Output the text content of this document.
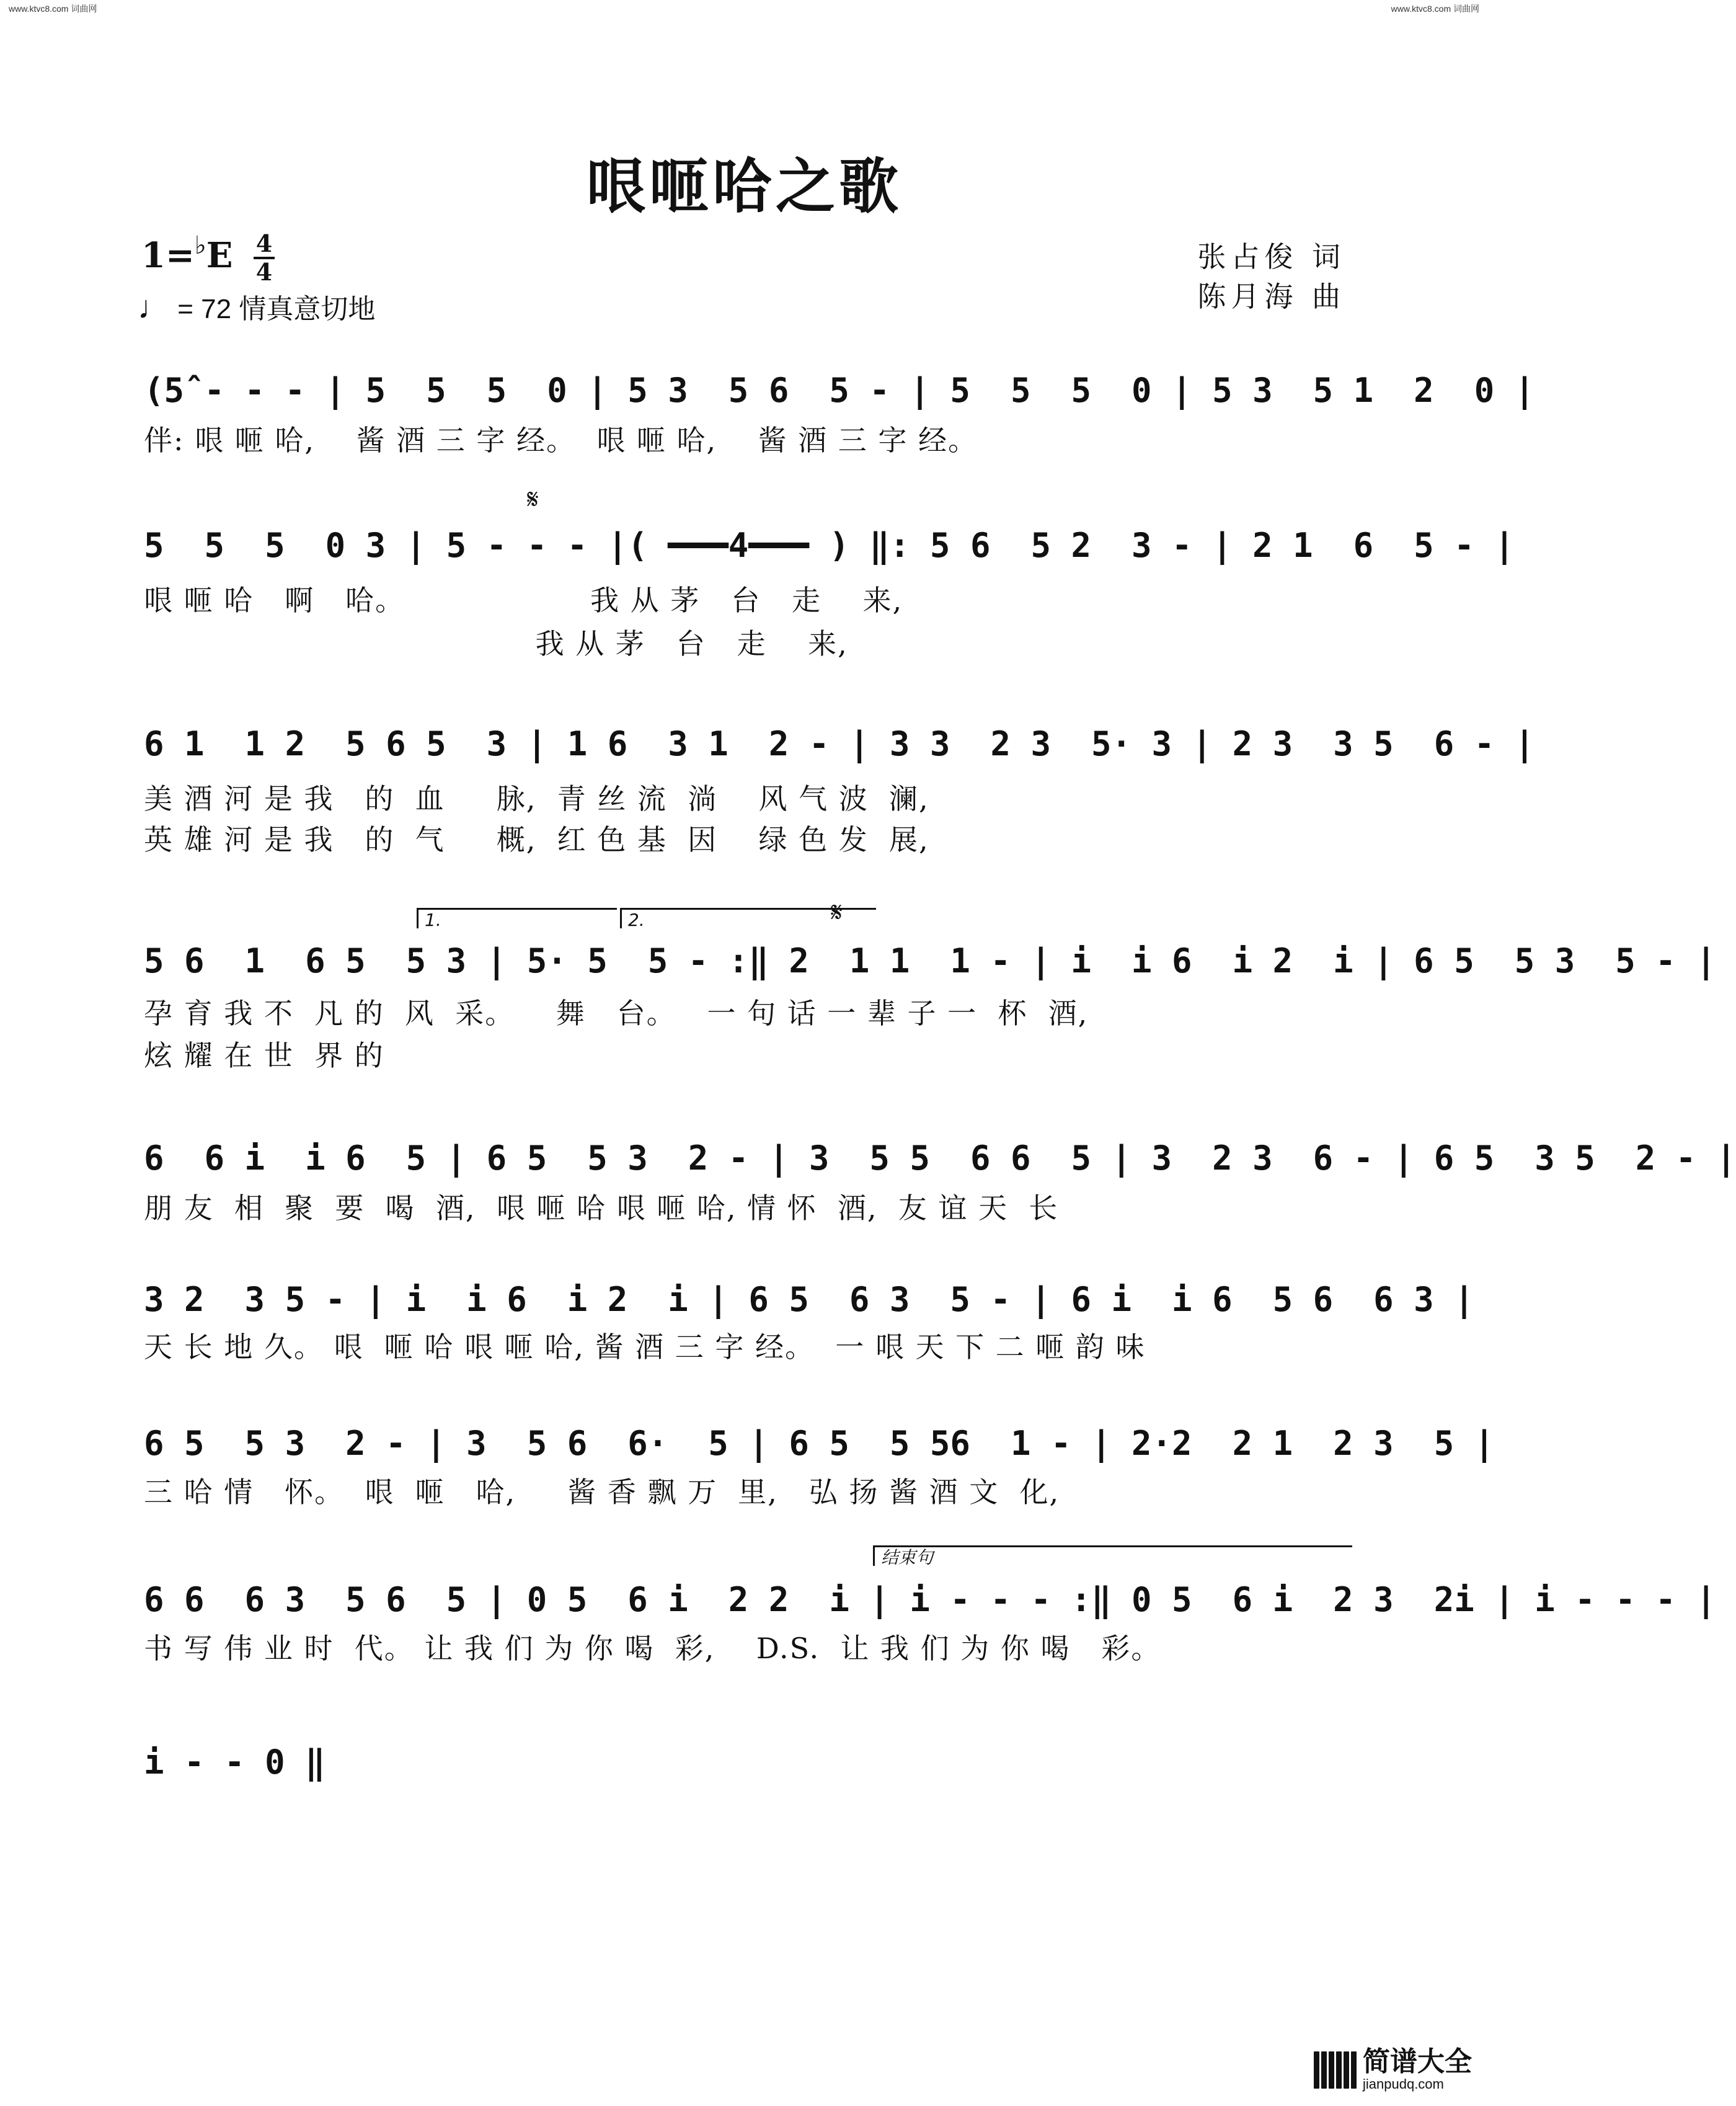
www.ktvc8.com 词曲网	www.ktvc8.com 词曲网
哏咂哈之歌
$1=^♭E \frac{4}{4}$
♩ = 72 情真意切地
张占俊 词
陈月海 曲
(5̂ - - - | 5  5  5  0 | 5 3  5 6  5 - | 5  5  5  0 | 5 3  5 1  2  0 |
伴: 哏 咂 哈,    酱 酒 三 字 经。  哏 咂 哈,    酱 酒 三 字 经。
5  5  5  0 3 | 5 - - - |( ━━━4━━━ ) ‖: 5 6  5 2  3 - | 2 1  6  5 - |
哏 咂 哈   啊   哈。                  我 从 茅   台   走    来,
我 从 茅   台   走    来,
𝄋
6 1  1 2  5 6 5  3 | 1 6  3 1  2 - | 3 3  2 3  5· 3 | 2 3  3 5  6 - |
美 酒 河 是 我   的  血     脉,  青 丝 流  淌    风 气 波  澜,
英 雄 河 是 我   的  气     概,  红 色 基  因    绿 色 发  展,
1.	2.	𝄋
5 6  1  6 5  5 3 | 5· 5  5 - :‖ 2  1 1  1 - | i  i 6  i 2  i | 6 5  5 3  5 - |
孕 育 我 不  凡 的  风  采。    舞   台。   一 句 话 一 辈 子 一  杯  酒,
炫 耀 在 世  界 的
6  6 i  i 6  5 | 6 5  5 3  2 - | 3  5 5  6 6  5 | 3  2 3  6 - | 6 5  3 5  2 - |
朋 友  相  聚  要  喝  酒,  哏 咂 哈 哏 咂 哈, 情 怀  酒,  友 谊 天  长
3 2  3 5 - | i  i 6  i 2  i | 6 5  6 3  5 - | 6 i  i 6  5 6  6 3 |
天 长 地 久。 哏  咂 哈 哏 咂 哈, 酱 酒 三 字 经。  一 哏 天 下 二 咂 韵 味
6 5  5 3  2 - | 3  5 6  6·  5 | 6 5  5 56  1 - | 2·2  2 1  2 3  5 |
三 哈 情   怀。  哏  咂   哈,     酱 香 飘 万  里,   弘 扬 酱 酒 文  化,
结束句
6 6  6 3  5 6  5 | 0 5  6 i  2 2  i | i - - - :‖ 0 5  6 i  2 3  2i | i - - - |
书 写 伟 业 时  代。 让 我 们 为 你 喝  彩,    D.S.  让 我 们 为 你 喝   彩。
i - - 0 ‖
简谱大全
jianpudq.com
